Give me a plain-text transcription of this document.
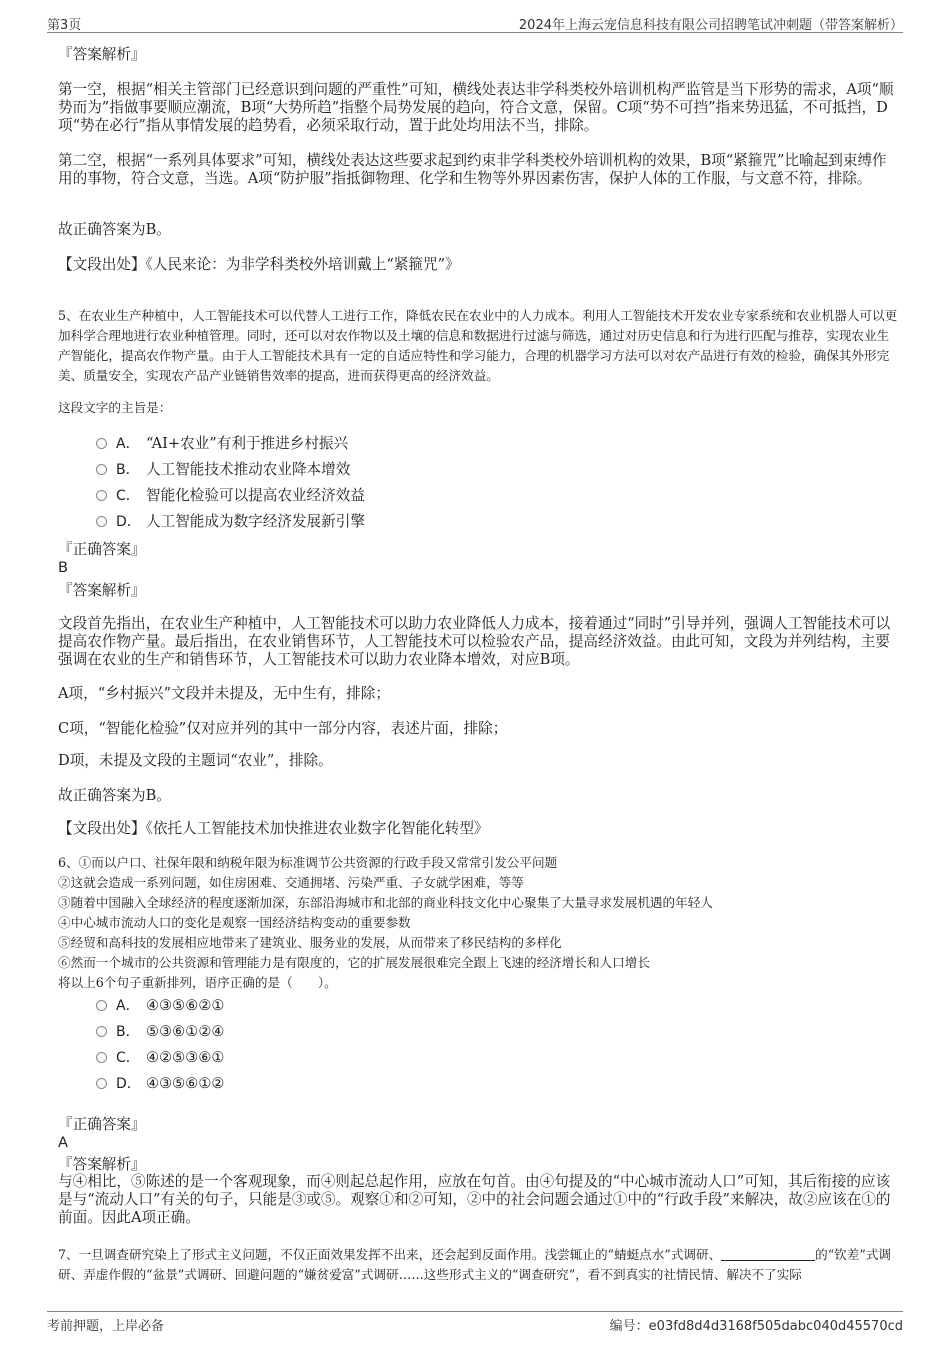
第3页	2024年上海云宠信息科技有限公司招聘笔试冲刺题（带答案解析）
『答案解析』

第一空，根据“相关主管部门已经意识到问题的严重性”可知，横线处表达非学科类校外培训机构严监管是当下形势的需求，A项“顺势而为”指做事要顺应潮流，B项“大势所趋”指整个局势发展的趋向，符合文意，保留。C项“势不可挡”指来势迅猛，不可抵挡，D项“势在必行”指从事情发展的趋势看，必须采取行动，置于此处均用法不当，排除。

第二空，根据“一系列具体要求”可知，横线处表达这些要求起到约束非学科类校外培训机构的效果，B项“紧箍咒”比喻起到束缚作用的事物，符合文意，当选。A项“防护服”指抵御物理、化学和生物等外界因素伤害，保护人体的工作服，与文意不符，排除。

故正确答案为B。
【文段出处】《人民来论：为非学科类校外培训戴上“紧箍咒”》

5、在农业生产种植中，人工智能技术可以代替人工进行工作，降低农民在农业中的人力成本。利用人工智能技术开发农业专家系统和农业机器人可以更加科学合理地进行农业种植管理。同时，还可以对农作物以及土壤的信息和数据进行过滤与筛选，通过对历史信息和行为进行匹配与推荐，实现农业生产智能化，提高农作物产量。由于人工智能技术具有一定的自适应特性和学习能力，合理的机器学习方法可以对农产品进行有效的检验，确保其外形完美、质量安全，实现农产品产业链销售效率的提高，进而获得更高的经济效益。

这段文字的主旨是：
A． “AI+农业”有利于推进乡村振兴
B． 人工智能技术推动农业降本增效
C． 智能化检验可以提高农业经济效益
D． 人工智能成为数字经济发展新引擎
『正确答案』
B
『答案解析』

文段首先指出，在农业生产种植中，人工智能技术可以助力农业降低人力成本，接着通过“同时”引导并列，强调人工智能技术可以提高农作物产量。最后指出，在农业销售环节，人工智能技术可以检验农产品，提高经济效益。由此可知，文段为并列结构，主要强调在农业的生产和销售环节，人工智能技术可以助力农业降本增效，对应B项。

A项，“乡村振兴”文段并未提及，无中生有，排除；
C项，“智能化检验”仅对应并列的其中一部分内容，表述片面，排除；
D项，未提及文段的主题词“农业”，排除。
故正确答案为B。
【文段出处】《依托人工智能技术加快推进农业数字化智能化转型》
6、①而以户口、社保年限和纳税年限为标准调节公共资源的行政手段又常常引发公平问题
②这就会造成一系列问题，如住房困难、交通拥堵、污染严重、子女就学困难，等等
③随着中国融入全球经济的程度逐渐加深，东部沿海城市和北部的商业科技文化中心聚集了大量寻求发展机遇的年轻人
④中心城市流动人口的变化是观察一国经济结构变动的重要参数
⑤经贸和高科技的发展相应地带来了建筑业、服务业的发展，从而带来了移民结构的多样化
⑥然而一个城市的公共资源和管理能力是有限度的，它的扩展发展很难完全跟上飞速的经济增长和人口增长
将以上6个句子重新排列，语序正确的是（　　）。
A． ④③⑤⑥②①
B． ⑤③⑥①②④
C． ④②⑤③⑥①
D． ④③⑤⑥①②
『正确答案』
A
『答案解析』

与④相比，⑤陈述的是一个客观现象，而④则起总起作用，应放在句首。由④句提及的“中心城市流动人口”可知，其后衔接的应该是与“流动人口”有关的句子，只能是③或⑤。观察①和②可知，②中的社会问题会通过①中的“行政手段”来解决，故②应该在①的前面。因此A项正确。

7、一旦调查研究染上了形式主义问题，不仅正面效果发挥不出来，还会起到反面作用。浅尝辄止的“蜻蜓点水”式调研、	的“钦差”式调研、弄虚作假的“盆景”式调研、回避问题的“嫌贫爱富”式调研……这些形式主义的“调查研究”，看不到真实的社情民情、解决不了实际

考前押题，上岸必备	编号：e03fd8d4d3168f505dabc040d45570cd
